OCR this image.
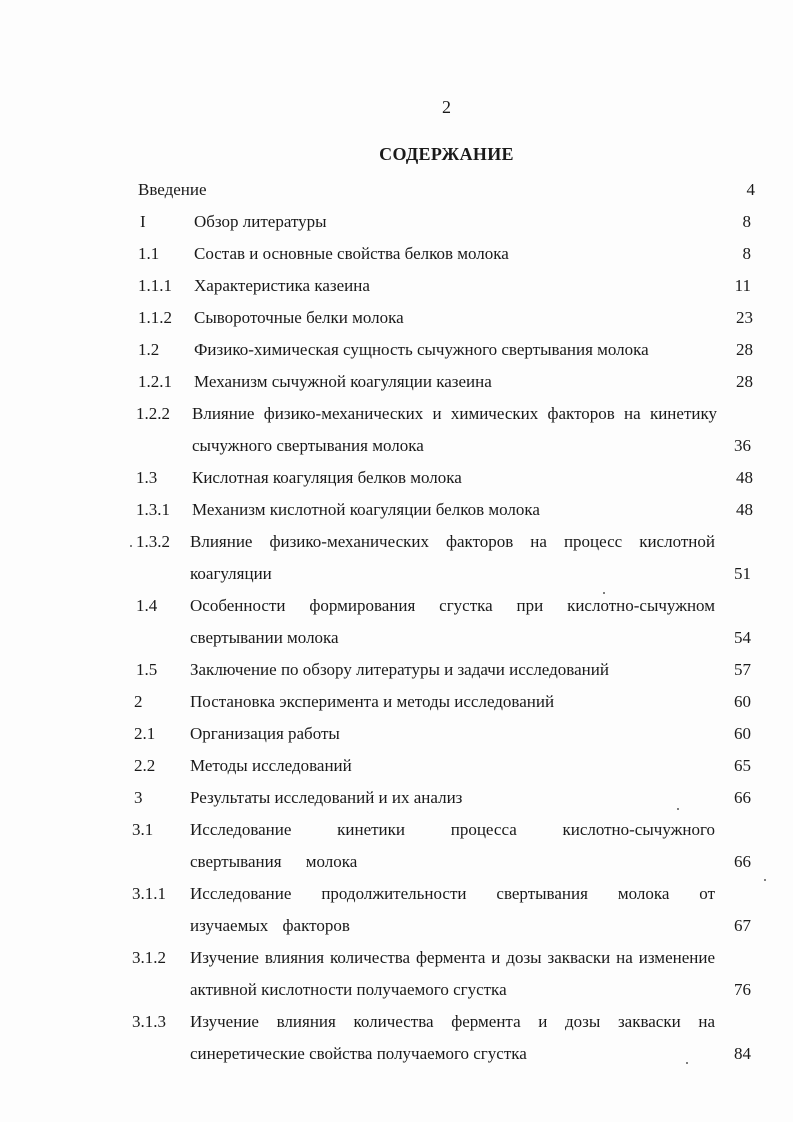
2
СОДЕРЖАНИЕ
Введение	4
I	Обзор литературы	8
1.1	Состав и основные свойства белков молока	8
1.1.1	Характеристика казеина	11
1.1.2	Сывороточные белки молока	23
1.2	Физико-химическая сущность сычужного свертывания молока	28
1.2.1	Механизм сычужной коагуляции казеина	28
1.2.2	Влияние физико-механических и химических факторов на кинетику сычужного свертывания молока	36
1.3	Кислотная коагуляция белков молока	48
1.3.1	Механизм кислотной коагуляции белков молока	48
1.3.2	Влияние физико-механических факторов на процесс кислотной коагуляции	51
1.4	Особенности формирования сгустка при кислотно-сычужном свертывании молока	54
1.5	Заключение по обзору литературы и задачи исследований	57
2	Постановка эксперимента и методы исследований	60
2.1	Организация работы	60
2.2	Методы исследований	65
3	Результаты исследований и их анализ	66
3.1	Исследование кинетики процесса кислотно-сычужного свертывания молока	66
3.1.1	Исследование продолжительности свертывания молока от изучаемых факторов	67
3.1.2	Изучение влияния количества фермента и дозы закваски на изменение активной кислотности получаемого сгустка	76
3.1.3	Изучение влияния количества фермента и дозы закваски на синеретические свойства получаемого сгустка	84
